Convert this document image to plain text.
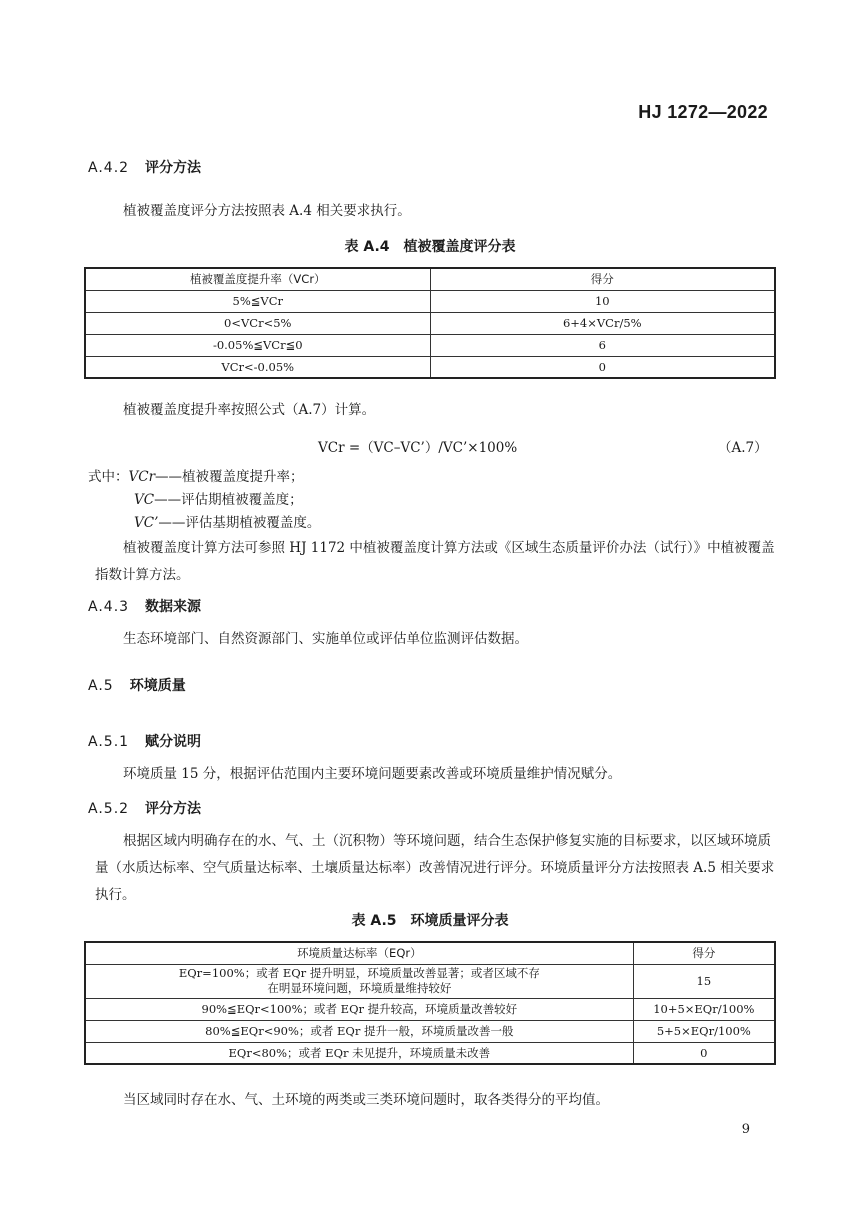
HJ 1272—2022
A.4.2 评分方法
植被覆盖度评分方法按照表 A.4 相关要求执行。
表 A.4　植被覆盖度评分表
植被覆盖度提升率（VCr）	得分
5%≦VCr	10
0<VCr<5%	6+4×VCr/5%
-0.05%≦VCr≦0	6
VCr<-0.05%	0
植被覆盖度提升率按照公式（A.7）计算。
VCr =（VC–VC’）/VC’×100%	（A.7）
式中：VCr——植被覆盖度提升率；
VC——评估期植被覆盖度；
VC’——评估基期植被覆盖度。
植被覆盖度计算方法可参照 HJ 1172 中植被覆盖度计算方法或《区域生态质量评价办法（试行）》中植被覆盖指数计算方法。
A.4.3 数据来源
生态环境部门、自然资源部门、实施单位或评估单位监测评估数据。
A.5 环境质量
A.5.1 赋分说明
环境质量 15 分，根据评估范围内主要环境问题要素改善或环境质量维护情况赋分。
A.5.2 评分方法
根据区域内明确存在的水、气、土（沉积物）等环境问题，结合生态保护修复实施的目标要求，以区域环境质量（水质达标率、空气质量达标率、土壤质量达标率）改善情况进行评分。环境质量评分方法按照表 A.5 相关要求执行。
表 A.5　环境质量评分表
环境质量达标率（EQr）	得分
EQr=100%；或者 EQr 提升明显，环境质量改善显著；或者区域不存在明显环境问题，环境质量维持较好	15
90%≦EQr<100%；或者 EQr 提升较高，环境质量改善较好	10+5×EQr/100%
80%≦EQr<90%；或者 EQr 提升一般，环境质量改善一般	5+5×EQr/100%
EQr<80%；或者 EQr 未见提升，环境质量未改善	0
当区域同时存在水、气、土环境的两类或三类环境问题时，取各类得分的平均值。
9
